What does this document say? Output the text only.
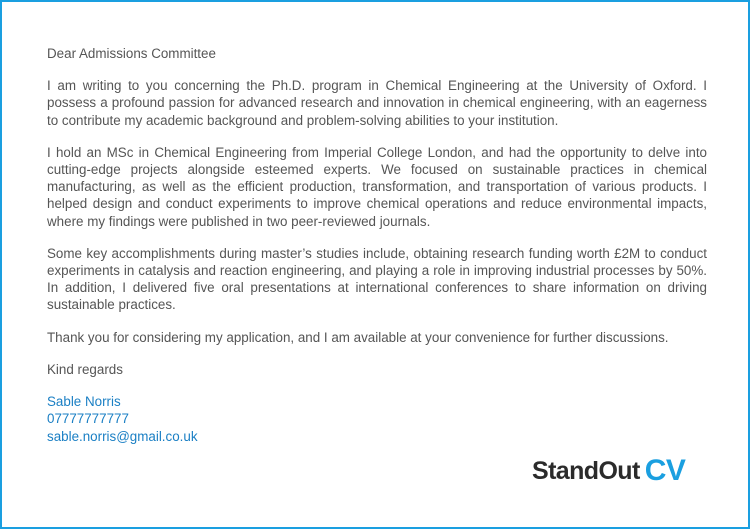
Dear Admissions Committee

I am writing to you concerning the Ph.D. program in Chemical Engineering at the University of Oxford. I possess a profound passion for advanced research and innovation in chemical engineering, with an eagerness to contribute my academic background and problem-solving abilities to your institution.

I hold an MSc in Chemical Engineering from Imperial College London, and had the opportunity to delve into cutting-edge projects alongside esteemed experts. We focused on sustainable practices in chemical manufacturing, as well as the efficient production, transformation, and transportation of various products. I helped design and conduct experiments to improve chemical operations and reduce environmental impacts, where my findings were published in two peer-reviewed journals.

Some key accomplishments during master’s studies include, obtaining research funding worth £2M to conduct experiments in catalysis and reaction engineering, and playing a role in improving industrial processes by 50%. In addition, I delivered five oral presentations at international conferences to share information on driving sustainable practices.

Thank you for considering my application, and I am available at your convenience for further discussions.

Kind regards

Sable Norris
07777777777
sable.norris@gmail.co.uk
StandOut CV
